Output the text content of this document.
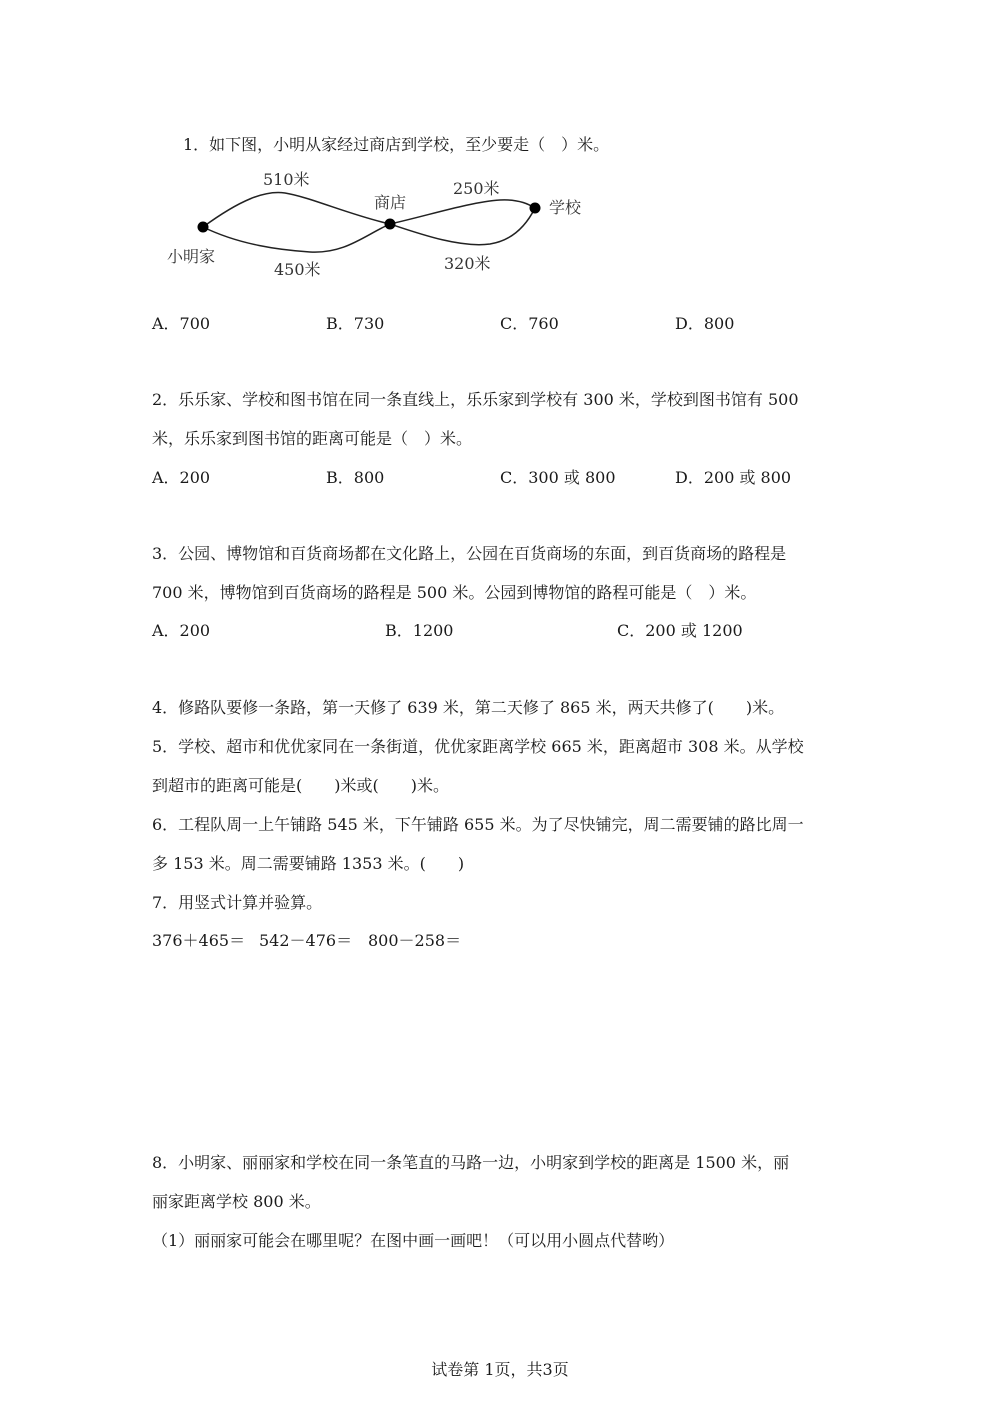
1．如下图，小明从家经过商店到学校，至少要走（　）米。
小明家
商店	学校
510米
450米
250米
320米
A．700	B．730	C．760	D．800
2．乐乐家、学校和图书馆在同一条直线上，乐乐家到学校有 300 米，学校到图书馆有 500
米，乐乐家到图书馆的距离可能是（　）米。
A．200	B．800	C．300 或 800	D．200 或 800
3．公园、博物馆和百货商场都在文化路上，公园在百货商场的东面，到百货商场的路程是
700 米，博物馆到百货商场的路程是 500 米。公园到博物馆的路程可能是（　）米。
A．200	B．1200	C．200 或 1200
4．修路队要修一条路，第一天修了 639 米，第二天修了 865 米，两天共修了(　　)米。
5．学校、超市和优优家同在一条街道，优优家距离学校 665 米，距离超市 308 米。从学校
到超市的距离可能是(　　)米或(　　)米。
6．工程队周一上午铺路 545 米，下午铺路 655 米。为了尽快铺完，周二需要铺的路比周一
多 153 米。周二需要铺路 1353 米。(　　)
7．用竖式计算并验算。
376＋465＝ 542－476＝ 800－258＝
8．小明家、丽丽家和学校在同一条笔直的马路一边，小明家到学校的距离是 1500 米，丽
丽家距离学校 800 米。
（1）丽丽家可能会在哪里呢？在图中画一画吧！（可以用小圆点代替哟）
试卷第 1页，共3页
